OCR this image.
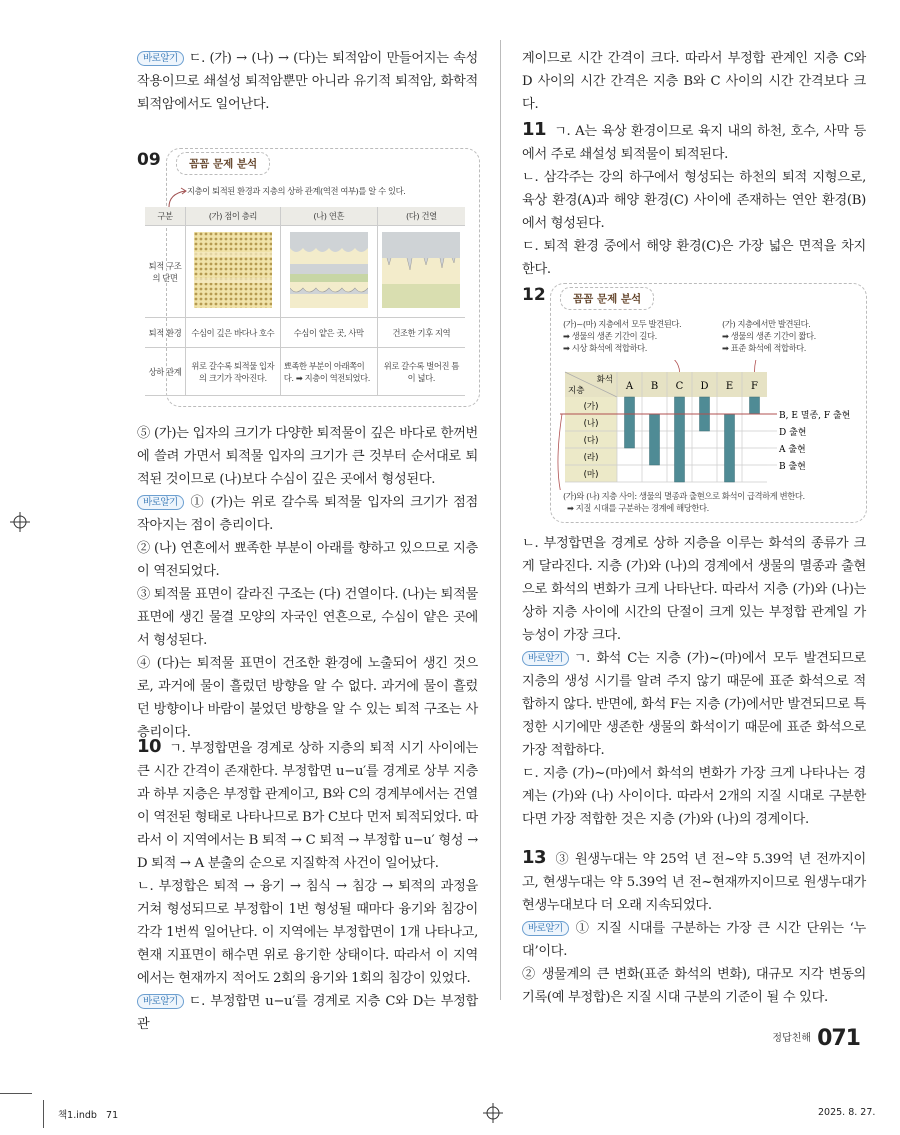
바로알기 ㄷ. (가) → (나) → (다)는 퇴적암이 만들어지는 속성 작용이므로 쇄설성 퇴적암뿐만 아니라 유기적 퇴적암, 화학적 퇴적암에서도 일어난다.

09	꼼꼼 문제 분석
지층이 퇴적된 환경과 지층의 상하 관계(역전 여부)를 알 수 있다.
구분	(가) 점이 층리	(나) 연흔	(다) 건열
퇴적 구조의 단면			
퇴적 환경	수심이 깊은 바다나 호수	수심이 얕은 곳, 사막	건조한 기후 지역
상하 관계	위로 갈수록 퇴적물 입자의 크기가 작아진다.	뾰족한 부분이 아래쪽이다. ➡ 지층이 역전되었다.	위로 갈수록 벌어진 틈이 넓다.

⑤ (가)는 입자의 크기가 다양한 퇴적물이 깊은 바다로 한꺼번에 쓸려 가면서 퇴적물 입자의 크기가 큰 것부터 순서대로 퇴적된 것이므로 (나)보다 수심이 깊은 곳에서 형성된다.

바로알기 ① (가)는 위로 갈수록 퇴적물 입자의 크기가 점점 작아지는 점이 층리이다.

② (나) 연흔에서 뾰족한 부분이 아래를 향하고 있으므로 지층이 역전되었다.

③ 퇴적물 표면이 갈라진 구조는 (다) 건열이다. (나)는 퇴적물 표면에 생긴 물결 모양의 자국인 연흔으로, 수심이 얕은 곳에서 형성된다.

④ (다)는 퇴적물 표면이 건조한 환경에 노출되어 생긴 것으로, 과거에 물이 흘렀던 방향을 알 수 없다. 과거에 물이 흘렀던 방향이나 바람이 불었던 방향을 알 수 있는 퇴적 구조는 사층리이다.

10 ㄱ. 부정합면을 경계로 상하 지층의 퇴적 시기 사이에는 큰 시간 간격이 존재한다. 부정합면 u−u′를 경계로 상부 지층과 하부 지층은 부정합 관계이고, B와 C의 경계부에서는 건열이 역전된 형태로 나타나므로 B가 C보다 먼저 퇴적되었다. 따라서 이 지역에서는 B 퇴적 → C 퇴적 → 부정합 u−u′ 형성 → D 퇴적 → A 분출의 순으로 지질학적 사건이 일어났다.

ㄴ. 부정합은 퇴적 → 융기 → 침식 → 침강 → 퇴적의 과정을 거쳐 형성되므로 부정합이 1번 형성될 때마다 융기와 침강이 각각 1번씩 일어난다. 이 지역에는 부정합면이 1개 나타나고, 현재 지표면이 해수면 위로 융기한 상태이다. 따라서 이 지역에서는 현재까지 적어도 2회의 융기와 1회의 침강이 있었다.

바로알기 ㄷ. 부정합면 u−u′를 경계로 지층 C와 D는 부정합 관

계이므로 시간 간격이 크다. 따라서 부정합 관계인 지층 C와 D 사이의 시간 간격은 지층 B와 C 사이의 시간 간격보다 크다.

11 ㄱ. A는 육상 환경이므로 육지 내의 하천, 호수, 사막 등에서 주로 쇄설성 퇴적물이 퇴적된다.

ㄴ. 삼각주는 강의 하구에서 형성되는 하천의 퇴적 지형으로, 육상 환경(A)과 해양 환경(C) 사이에 존재하는 연안 환경(B)에서 형성된다.

ㄷ. 퇴적 환경 중에서 해양 환경(C)은 가장 넓은 면적을 차지한다.

12	꼼꼼 문제 분석
(가)~(마) 지층에서 모두 발견된다.
➡ 생물의 생존 기간이 길다.
➡ 시상 화석에 적합하다.
(가) 지층에서만 발견된다.
➡ 생물의 생존 기간이 짧다.
➡ 표준 화석에 적합하다.
화석
지층	A B C D E F
(가)
(나)
(다)
(라)
(마)
B, E 멸종, F 출현
D 출현
A 출현
B 출현
(가)와 (나) 지층 사이: 생물의 멸종과 출현으로 화석이 급격하게 변한다.
➡ 지질 시대를 구분하는 경계에 해당한다.

ㄴ. 부정합면을 경계로 상하 지층을 이루는 화석의 종류가 크게 달라진다. 지층 (가)와 (나)의 경계에서 생물의 멸종과 출현으로 화석의 변화가 크게 나타난다. 따라서 지층 (가)와 (나)는 상하 지층 사이에 시간의 단절이 크게 있는 부정합 관계일 가능성이 가장 크다.

바로알기 ㄱ. 화석 C는 지층 (가)~(마)에서 모두 발견되므로 지층의 생성 시기를 알려 주지 않기 때문에 표준 화석으로 적합하지 않다. 반면에, 화석 F는 지층 (가)에서만 발견되므로 특정한 시기에만 생존한 생물의 화석이기 때문에 표준 화석으로 가장 적합하다.

ㄷ. 지층 (가)~(마)에서 화석의 변화가 가장 크게 나타나는 경계는 (가)와 (나) 사이이다. 따라서 2개의 지질 시대로 구분한다면 가장 적합한 것은 지층 (가)와 (나)의 경계이다.

13 ③ 원생누대는 약 25억 년 전~약 5.39억 년 전까지이고, 현생누대는 약 5.39억 년 전~현재까지이므로 원생누대가 현생누대보다 더 오래 지속되었다.

바로알기 ① 지질 시대를 구분하는 가장 큰 시간 단위는 ‘누대’이다.

② 생물계의 큰 변화(표준 화석의 변화), 대규모 지각 변동의 기록(예 부정합)은 지질 시대 구분의 기준이 될 수 있다.

$^{정답친해}$ 071
책1.indb   71	2025. 8. 27.
